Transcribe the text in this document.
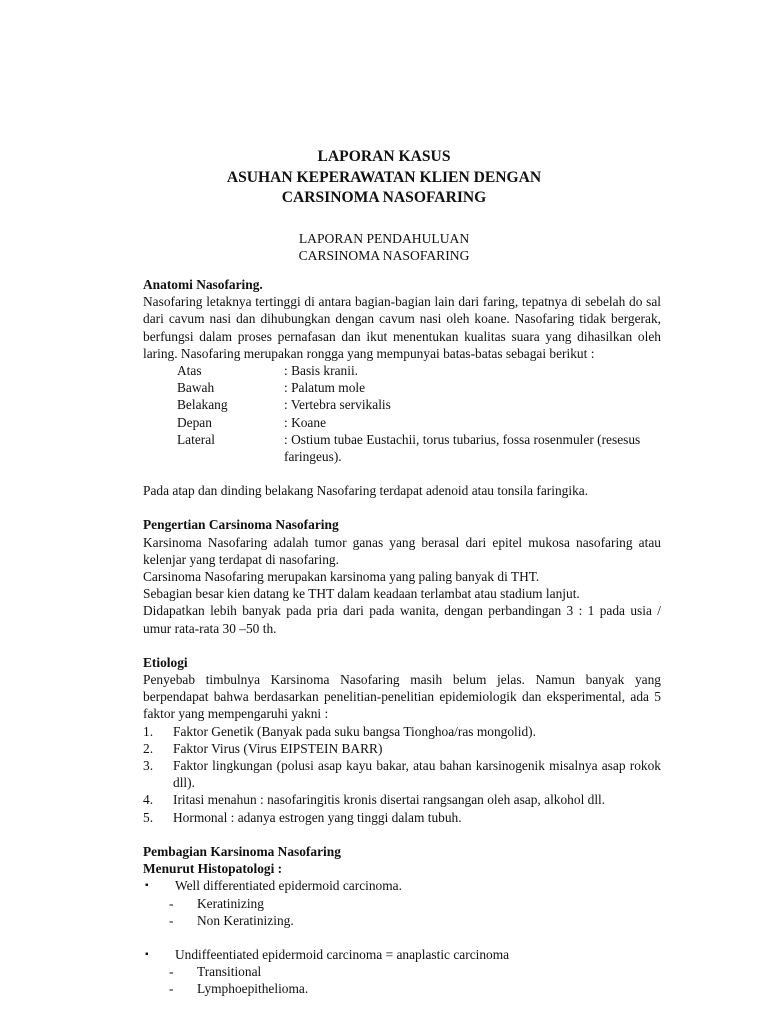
LAPORAN KASUS
ASUHAN KEPERAWATAN KLIEN DENGAN
CARSINOMA NASOFARING
LAPORAN PENDAHULUAN
CARSINOMA NASOFARING
Anatomi Nasofaring.
Nasofaring letaknya tertinggi di antara bagian-bagian lain dari faring, tepatnya di sebelah do sal dari cavum nasi dan dihubungkan dengan cavum nasi oleh koane. Nasofaring tidak bergerak, berfungsi dalam proses pernafasan dan ikut menentukan kualitas suara yang dihasilkan oleh laring. Nasofaring merupakan rongga yang mempunyai batas-batas sebagai berikut :
Atas	: Basis kranii.
Bawah	: Palatum mole
Belakang	: Vertebra servikalis
Depan	: Koane
Lateral	: Ostium tubae Eustachii, torus tubarius, fossa rosenmuler (resesus faringeus).
Pada atap dan dinding belakang Nasofaring terdapat adenoid atau tonsila faringika.
Pengertian Carsinoma Nasofaring
Karsinoma Nasofaring adalah tumor ganas yang berasal dari epitel mukosa nasofaring atau kelenjar yang terdapat di nasofaring.
Carsinoma Nasofaring merupakan karsinoma yang paling banyak di THT.
Sebagian besar kien datang ke THT dalam keadaan terlambat atau stadium lanjut.
Didapatkan lebih banyak pada pria dari pada wanita, dengan perbandingan 3 : 1 pada usia / umur rata-rata 30 –50 th.
Etiologi
Penyebab timbulnya Karsinoma Nasofaring masih belum jelas. Namun banyak yang berpendapat bahwa berdasarkan penelitian-penelitian epidemiologik dan eksperimental, ada 5 faktor yang mempengaruhi yakni :
1.	Faktor Genetik (Banyak pada suku bangsa Tionghoa/ras mongolid).
2.	Faktor Virus (Virus EIPSTEIN BARR)
3.	Faktor lingkungan (polusi asap kayu bakar, atau bahan karsinogenik misalnya asap rokok dll).
4.	Iritasi menahun : nasofaringitis kronis disertai rangsangan oleh asap, alkohol dll.
5.	Hormonal : adanya estrogen yang tinggi dalam tubuh.
Pembagian Karsinoma Nasofaring
Menurut Histopatologi :
▪	Well differentiated epidermoid carcinoma.
-	Keratinizing
-	Non Keratinizing.
▪	Undiffeentiated epidermoid carcinoma = anaplastic carcinoma
-	Transitional
-	Lymphoepithelioma.
